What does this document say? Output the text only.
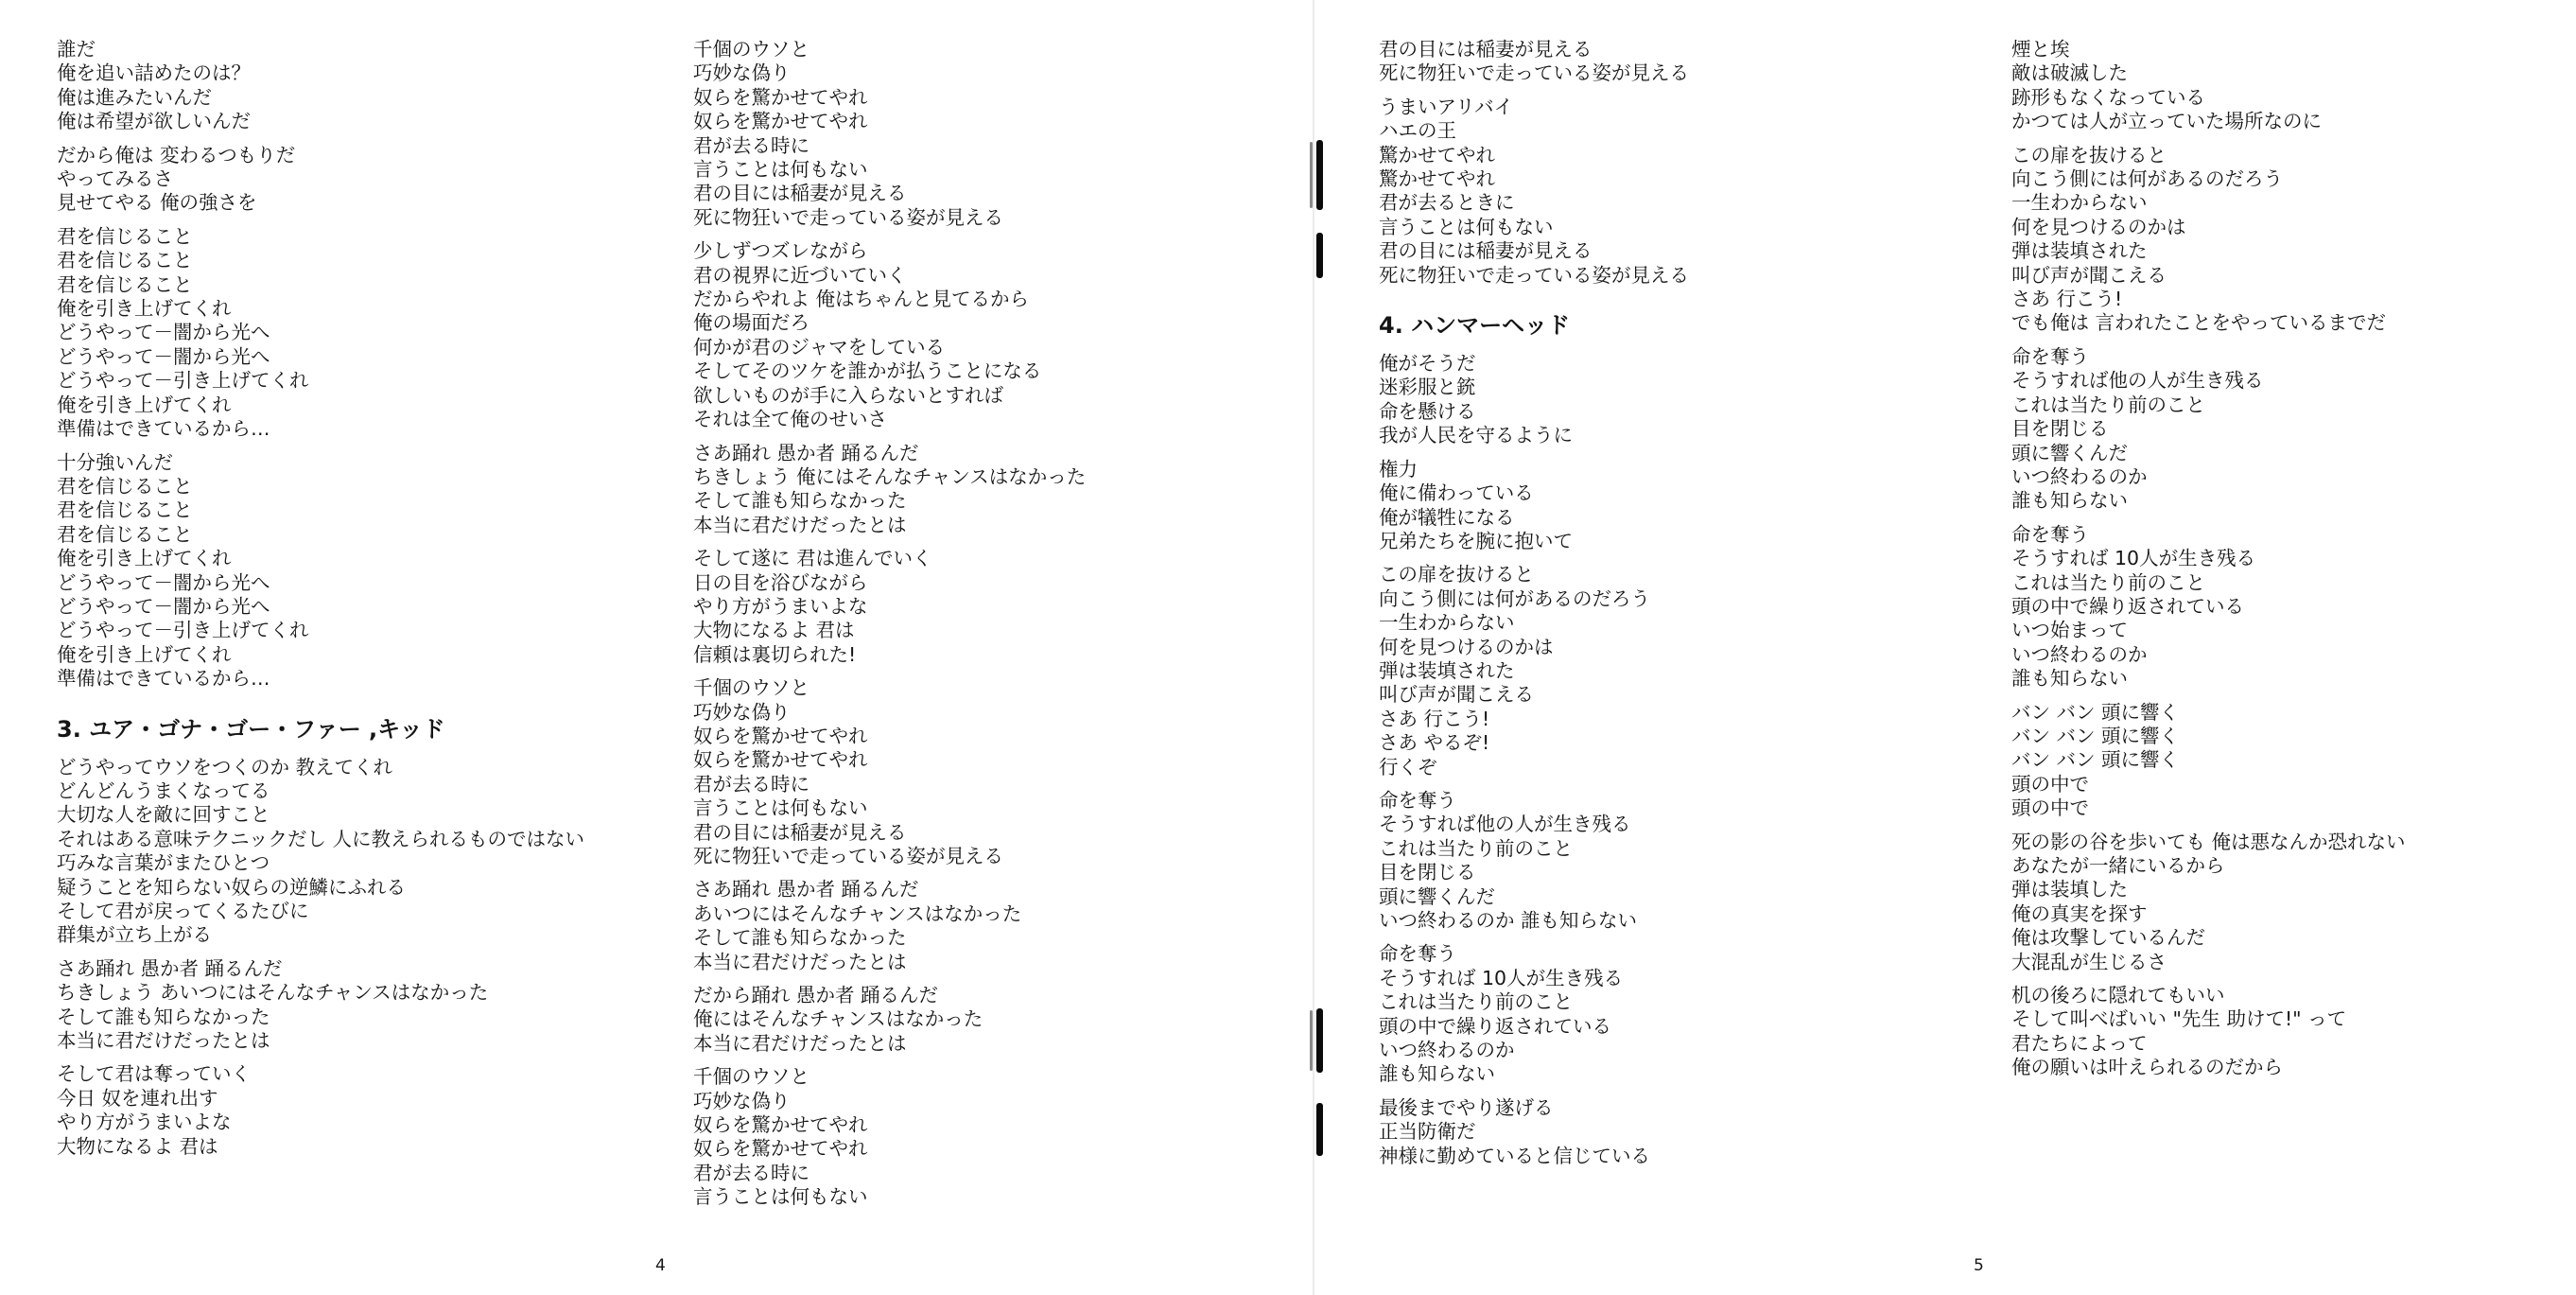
誰だ
俺を追い詰めたのは？
俺は進みたいんだ
俺は希望が欲しいんだ
だから俺は 変わるつもりだ
やってみるさ
見せてやる 俺の強さを
君を信じること
君を信じること
君を信じること
俺を引き上げてくれ
どうやって－闇から光へ
どうやって－闇から光へ
どうやって－引き上げてくれ
俺を引き上げてくれ
準備はできているから…
十分強いんだ
君を信じること
君を信じること
君を信じること
俺を引き上げてくれ
どうやって－闇から光へ
どうやって－闇から光へ
どうやって－引き上げてくれ
俺を引き上げてくれ
準備はできているから…
3. ユア・ゴナ・ゴー・ファー ,キッド
どうやってウソをつくのか 教えてくれ
どんどんうまくなってる
大切な人を敵に回すこと
それはある意味テクニックだし 人に教えられるものではない
巧みな言葉がまたひとつ
疑うことを知らない奴らの逆鱗にふれる
そして君が戻ってくるたびに
群集が立ち上がる
さあ踊れ 愚か者 踊るんだ
ちきしょう あいつにはそんなチャンスはなかった
そして誰も知らなかった
本当に君だけだったとは
そして君は奪っていく
今日 奴を連れ出す
やり方がうまいよな
大物になるよ 君は
千個のウソと
巧妙な偽り
奴らを驚かせてやれ
奴らを驚かせてやれ
君が去る時に
言うことは何もない
君の目には稲妻が見える
死に物狂いで走っている姿が見える
少しずつズレながら
君の視界に近づいていく
だからやれよ 俺はちゃんと見てるから
俺の場面だろ
何かが君のジャマをしている
そしてそのツケを誰かが払うことになる
欲しいものが手に入らないとすれば
それは全て俺のせいさ
さあ踊れ 愚か者 踊るんだ
ちきしょう 俺にはそんなチャンスはなかった
そして誰も知らなかった
本当に君だけだったとは
そして遂に 君は進んでいく
日の目を浴びながら
やり方がうまいよな
大物になるよ 君は
信頼は裏切られた!
千個のウソと
巧妙な偽り
奴らを驚かせてやれ
奴らを驚かせてやれ
君が去る時に
言うことは何もない
君の目には稲妻が見える
死に物狂いで走っている姿が見える
さあ踊れ 愚か者 踊るんだ
あいつにはそんなチャンスはなかった
そして誰も知らなかった
本当に君だけだったとは
だから踊れ 愚か者 踊るんだ
俺にはそんなチャンスはなかった
本当に君だけだったとは
千個のウソと
巧妙な偽り
奴らを驚かせてやれ
奴らを驚かせてやれ
君が去る時に
言うことは何もない
4
君の目には稲妻が見える
死に物狂いで走っている姿が見える
うまいアリバイ
ハエの王
驚かせてやれ
驚かせてやれ
君が去るときに
言うことは何もない
君の目には稲妻が見える
死に物狂いで走っている姿が見える
4. ハンマーヘッド
俺がそうだ
迷彩服と銃
命を懸ける
我が人民を守るように
権力
俺に備わっている
俺が犠牲になる
兄弟たちを腕に抱いて
この扉を抜けると
向こう側には何があるのだろう
一生わからない
何を見つけるのかは
弾は装填された
叫び声が聞こえる
さあ 行こう!
さあ やるぞ!
行くぞ
命を奪う
そうすれば他の人が生き残る
これは当たり前のこと
目を閉じる
頭に響くんだ
いつ終わるのか 誰も知らない
命を奪う
そうすれば 10人が生き残る
これは当たり前のこと
頭の中で繰り返されている
いつ終わるのか
誰も知らない
最後までやり遂げる
正当防衛だ
神様に勤めていると信じている
煙と埃
敵は破滅した
跡形もなくなっている
かつては人が立っていた場所なのに
この扉を抜けると
向こう側には何があるのだろう
一生わからない
何を見つけるのかは
弾は装填された
叫び声が聞こえる
さあ 行こう!
でも俺は 言われたことをやっているまでだ
命を奪う
そうすれば他の人が生き残る
これは当たり前のこと
目を閉じる
頭に響くんだ
いつ終わるのか
誰も知らない
命を奪う
そうすれば 10人が生き残る
これは当たり前のこと
頭の中で繰り返されている
いつ始まって
いつ終わるのか
誰も知らない
バン バン 頭に響く
バン バン 頭に響く
バン バン 頭に響く
頭の中で
頭の中で
死の影の谷を歩いても 俺は悪なんか恐れない
あなたが一緒にいるから
弾は装填した
俺の真実を探す
俺は攻撃しているんだ
大混乱が生じるさ
机の後ろに隠れてもいい
そして叫べばいい "先生 助けて!" って
君たちによって
俺の願いは叶えられるのだから
5
